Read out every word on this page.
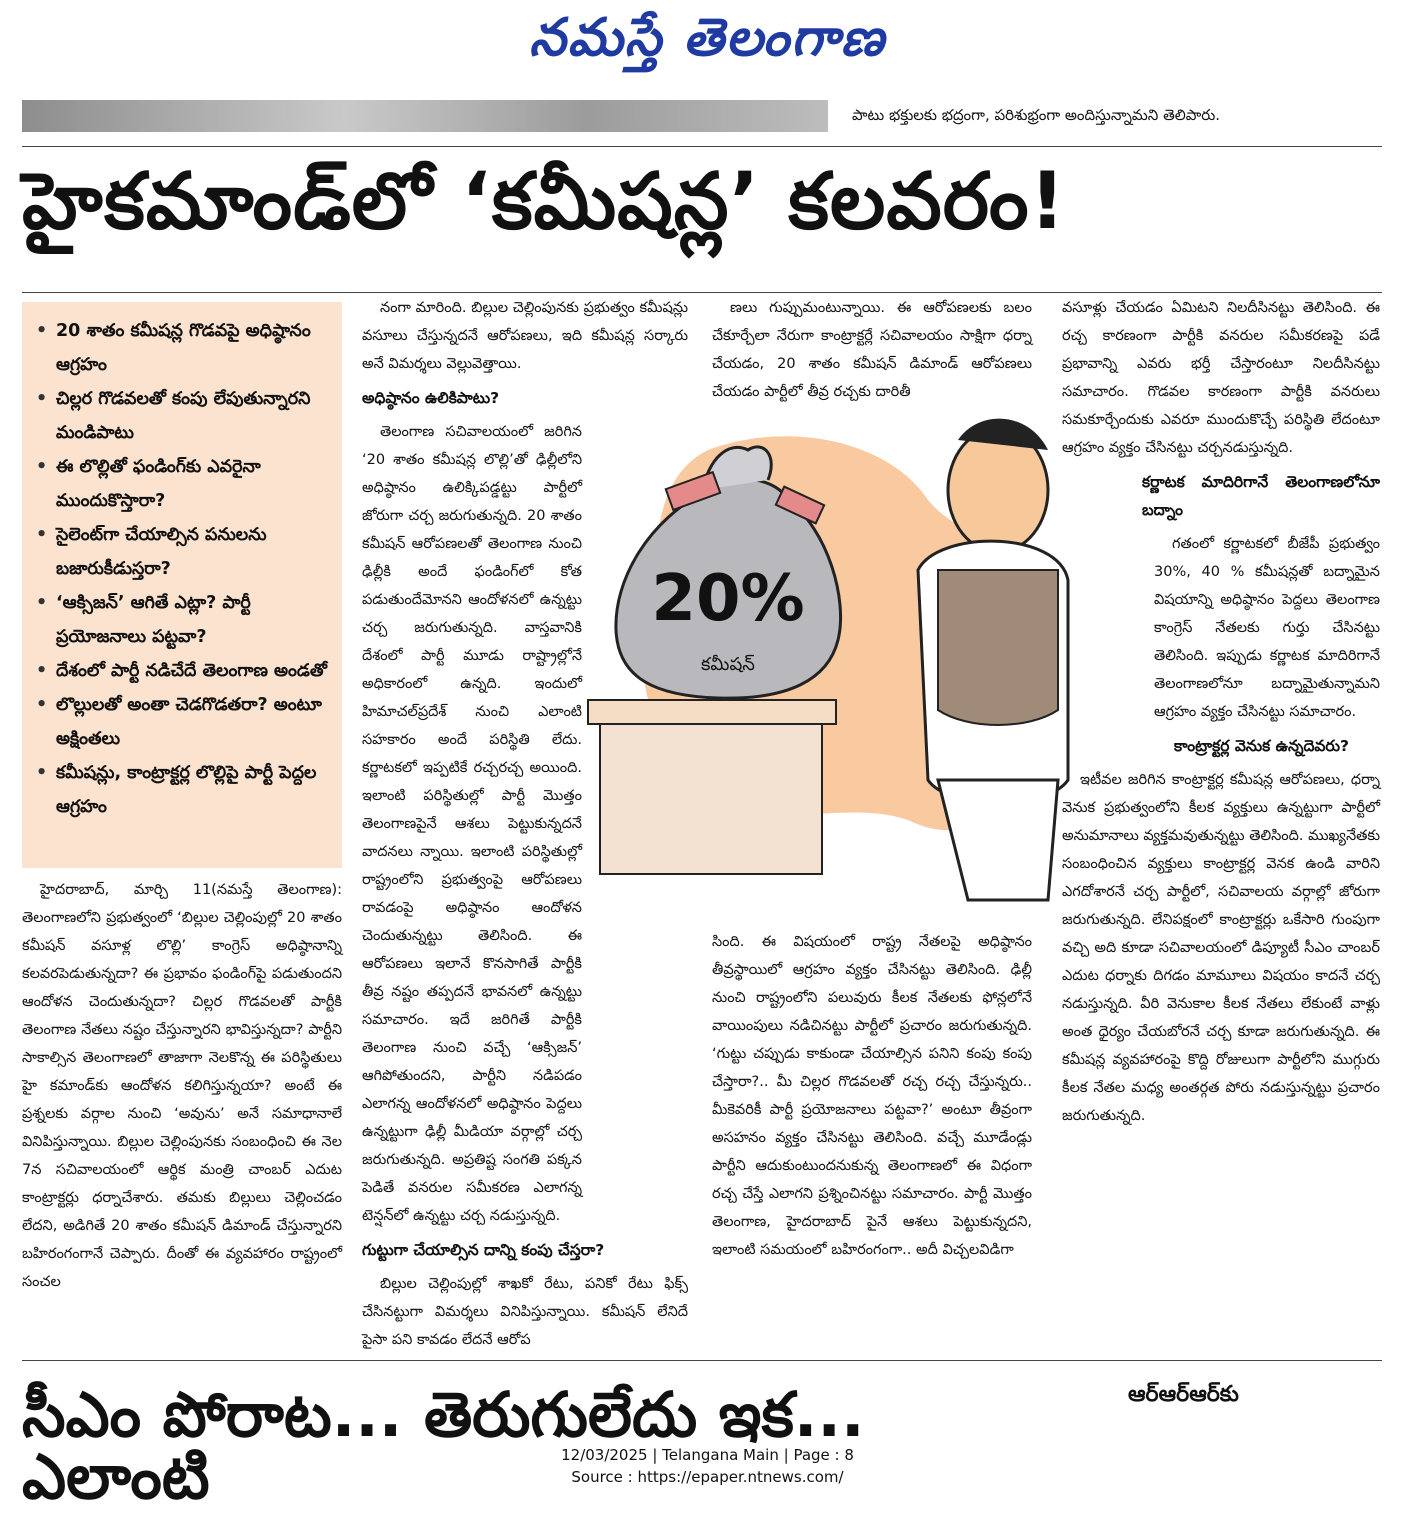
నమస్తే తెలంగాణ
పాటు భక్తులకు భద్రంగా, పరిశుభ్రంగా అందిస్తున్నామని తెలిపారు.
హైకమాండ్‌లో ‘కమీషన్ల’ కలవరం!
• 20 శాతం కమీషన్ల గొడవపై అధిష్ఠానం ఆగ్రహం
• చిల్లర గొడవలతో కంపు లేపుతున్నారని మండిపాటు
• ఈ లొల్లితో ఫండింగ్‌కు ఎవరైనా ముందుకొస్తారా?
• సైలెంట్‌గా చేయాల్సిన పనులను బజారుకీడుస్తరా?
• ‘ఆక్సిజన్’ ఆగితే ఎట్లా? పార్టీ ప్రయోజనాలు పట్టవా?
• దేశంలో పార్టీ నడిచేదే తెలంగాణ అండతో
• లొల్లులతో అంతా చెడగొడతరా? అంటూ అక్షింతలు
• కమీషన్లు, కాంట్రాక్టర్ల లొల్లిపై పార్టీ పెద్దల ఆగ్రహం

హైదరాబాద్, మార్చి 11(నమస్తే తెలంగాణ): తెలంగాణలోని ప్రభుత్వంలో ‘బిల్లుల చెల్లింపుల్లో 20 శాతం కమీషన్ వసూళ్ల లొల్లి’ కాంగ్రెస్ అధిష్ఠానాన్ని కలవరపెడుతున్నదా? ఈ ప్రభావం ఫండింగ్‌పై పడుతుందని ఆందోళన చెందుతున్నదా? చిల్లర గొడవలతో పార్టీకి తెలంగాణ నేతలు నష్టం చేస్తున్నారని భావిస్తున్నదా? పార్టీని సాకాల్సిన తెలంగాణలో తాజాగా నెలకొన్న ఈ పరిస్థితులు హై కమాండ్‌కు ఆందోళన కలిగిస్తున్నయా? అంటే ఈ ప్రశ్నలకు వర్గాల నుంచి ‘అవును’ అనే సమాధానాలే వినిపిస్తున్నాయి. బిల్లుల చెల్లింపునకు సంబంధించి ఈ నెల 7న సచివాలయంలో ఆర్థిక మంత్రి చాంబర్ ఎదుట కాంట్రాక్టర్లు ధర్నాచేశారు. తమకు బిల్లులు చెల్లించడం లేదని, అడిగితే 20 శాతం కమీషన్ డిమాండ్ చేస్తున్నారని బహిరంగంగానే చెప్పారు. దీంతో ఈ వ్యవహారం రాష్ట్రంలో సంచల

నంగా మారింది. బిల్లుల చెల్లింపునకు ప్రభుత్వం కమీషన్లు వసూలు చేస్తున్నదనే ఆరోపణలు, ఇది కమీషన్ల సర్కారు అనే విమర్శలు వెల్లువెత్తాయి.

అధిష్ఠానం ఉలికిపాటు?

తెలంగాణ సచివాలయంలో జరిగిన ‘20 శాతం కమీషన్ల లొల్లి’తో ఢిల్లీలోని అధిష్ఠానం ఉలిక్కిపడ్డట్టు పార్టీలో జోరుగా చర్చ జరుగుతున్నది. 20 శాతం కమీషన్ ఆరోపణలతో తెలంగాణ నుంచి ఢిల్లీకి అందే ఫండింగ్‌లో కోత పడుతుందేమోనని ఆందోళనలో ఉన్నట్టు చర్చ జరుగుతున్నది. వాస్తవానికి దేశంలో పార్టీ మూడు రాష్ట్రాల్లోనే అధికారంలో ఉన్నది. ఇందులో హిమాచల్‌ప్రదేశ్ నుంచి ఎలాంటి సహకారం అందే పరిస్థితి లేదు. కర్ణాటకలో ఇప్పటికే రచ్చరచ్చ అయింది. ఇలాంటి పరిస్థితుల్లో పార్టీ మొత్తం తెలంగాణపైనే ఆశలు పెట్టుకున్నదనే వాదనలు న్నాయి. ఇలాంటి పరిస్థితుల్లో రాష్ట్రంలోని ప్రభుత్వంపై ఆరోపణలు రావడంపై అధిష్ఠానం ఆందోళన చెందుతున్నట్టు తెలిసింది. ఈ ఆరోపణలు ఇలానే కొనసాగితే పార్టీకి తీవ్ర నష్టం తప్పదనే భావనలో ఉన్నట్టు సమాచారం. ఇదే జరిగితే పార్టీకి తెలంగాణ నుంచి వచ్చే ‘ఆక్సిజన్’ ఆగిపోతుందని, పార్టీని నడిపడం ఎలాగన్న ఆందోళనలో అధిష్ఠానం పెద్దలు ఉన్నట్టుగా ఢిల్లీ మీడియా వర్గాల్లో చర్చ జరుగుతున్నది. అప్రతిష్ట సంగతి పక్కన పెడితే వనరుల సమీకరణ ఎలాగన్న టెన్షన్‌లో ఉన్నట్టు చర్చ నడుస్తున్నది.

గుట్టుగా చేయాల్సిన దాన్ని కంపు చేస్తరా?

బిల్లుల చెల్లింపుల్లో శాఖకో రేటు, పనికో రేటు ఫిక్స్ చేసినట్టుగా విమర్శలు వినిపిస్తున్నాయి. కమీషన్ లేనిదే పైసా పని కావడం లేదనే ఆరోప

ణలు గుప్పుమంటున్నాయి. ఈ ఆరోపణలకు బలం చేకూర్చేలా నేరుగా కాంట్రాక్టర్లే సచివాలయం సాక్షిగా ధర్నా చేయడం, 20 శాతం కమీషన్ డిమాండ్ ఆరోపణలు చేయడం పార్టీలో తీవ్ర రచ్చకు దారితీ

సింది. ఈ విషయంలో రాష్ట్ర నేతలపై అధిష్ఠానం తీవ్రస్థాయిలో ఆగ్రహం వ్యక్తం చేసినట్టు తెలిసింది. ఢిల్లీ నుంచి రాష్ట్రంలోని పలువురు కీలక నేతలకు ఫోన్లలోనే వాయింపులు నడిచినట్టు పార్టీలో ప్రచారం జరుగుతున్నది. ‘గుట్టు చప్పుడు కాకుండా చేయాల్సిన పనిని కంపు కంపు చేస్తారా?.. మీ చిల్లర గొడవలతో రచ్చ రచ్చ చేస్తున్నరు.. మీకెవరికీ పార్టీ ప్రయోజనాలు పట్టవా?’ అంటూ తీవ్రంగా అసహనం వ్యక్తం చేసినట్టు తెలిసింది. వచ్చే మూడేండ్లు పార్టీని ఆదుకుంటుందనుకున్న తెలంగాణలో ఈ విధంగా రచ్చ చేస్తే ఎలాగని ప్రశ్నించినట్టు సమాచారం. పార్టీ మొత్తం తెలంగాణ, హైదరాబాద్ పైనే ఆశలు పెట్టుకున్నదని, ఇలాంటి సమయంలో బహిరంగంగా.. అదీ విచ్చలవిడిగా

వసూళ్లు చేయడం ఏమిటని నిలదీసినట్టు తెలిసింది. ఈ రచ్చ కారణంగా పార్టీకి వనరుల సమీకరణపై పడే ప్రభావాన్ని ఎవరు భర్తీ చేస్తారంటూ నిలదీసినట్టు సమాచారం. గొడవల కారణంగా పార్టీకి వనరులు సమకూర్చేందుకు ఎవరూ ముందుకొచ్చే పరిస్థితి లేదంటూ ఆగ్రహం వ్యక్తం చేసినట్టు చర్చనడుస్తున్నది.

కర్ణాటక మాదిరిగానే తెలంగాణలోనూ బద్నాం

గతంలో కర్ణాటకలో బీజేపీ ప్రభుత్వం 30%, 40 % కమీషన్లతో బద్నామైన విషయాన్ని అధిష్ఠానం పెద్దలు తెలంగాణ కాంగ్రెస్ నేతలకు గుర్తు చేసినట్టు తెలిసింది. ఇప్పుడు కర్ణాటక మాదిరిగానే తెలంగాణలోనూ బద్నామైతున్నామని ఆగ్రహం వ్యక్తం చేసినట్టు సమాచారం.

కాంట్రాక్టర్ల వెనుక ఉన్నదెవరు?

ఇటీవల జరిగిన కాంట్రాక్టర్ల కమీషన్ల ఆరోపణలు, ధర్నా వెనుక ప్రభుత్వంలోని కీలక వ్యక్తులు ఉన్నట్టుగా పార్టీలో అనుమానాలు వ్యక్తమవుతున్నట్టు తెలిసింది. ముఖ్యనేతకు సంబంధించిన వ్యక్తులు కాంట్రాక్టర్ల వెనక ఉండి వారిని ఎగదోశారనే చర్చ పార్టీలో, సచివాలయ వర్గాల్లో జోరుగా జరుగుతున్నది. లేనిపక్షంలో కాంట్రాక్టర్లు ఒకేసారి గుంపుగా వచ్చి అది కూడా సచివాలయంలో డిప్యూటీ సీఎం చాంబర్ ఎదుట ధర్నాకు దిగడం మామూలు విషయం కాదనే చర్చ నడుస్తున్నది. వీరి వెనుకాల కీలక నేతలు లేకుంటే వాళ్లు అంత ధైర్యం చేయబోరనే చర్చ కూడా జరుగుతున్నది. ఈ కమీషన్ల వ్యవహారంపై కొద్ది రోజులుగా పార్టీలోని ముగ్గురు కీలక నేతల మధ్య అంతర్గత పోరు నడుస్తున్నట్టు ప్రచారం జరుగుతున్నది.

20%
కమీషన్
సీఎం పోరాట... తెరుగులేదు ఇక... ఎలాంటి
ఆర్ఆర్ఆర్‌కు
12/03/2025 | Telangana Main | Page : 8
Source : https://epaper.ntnews.com/
